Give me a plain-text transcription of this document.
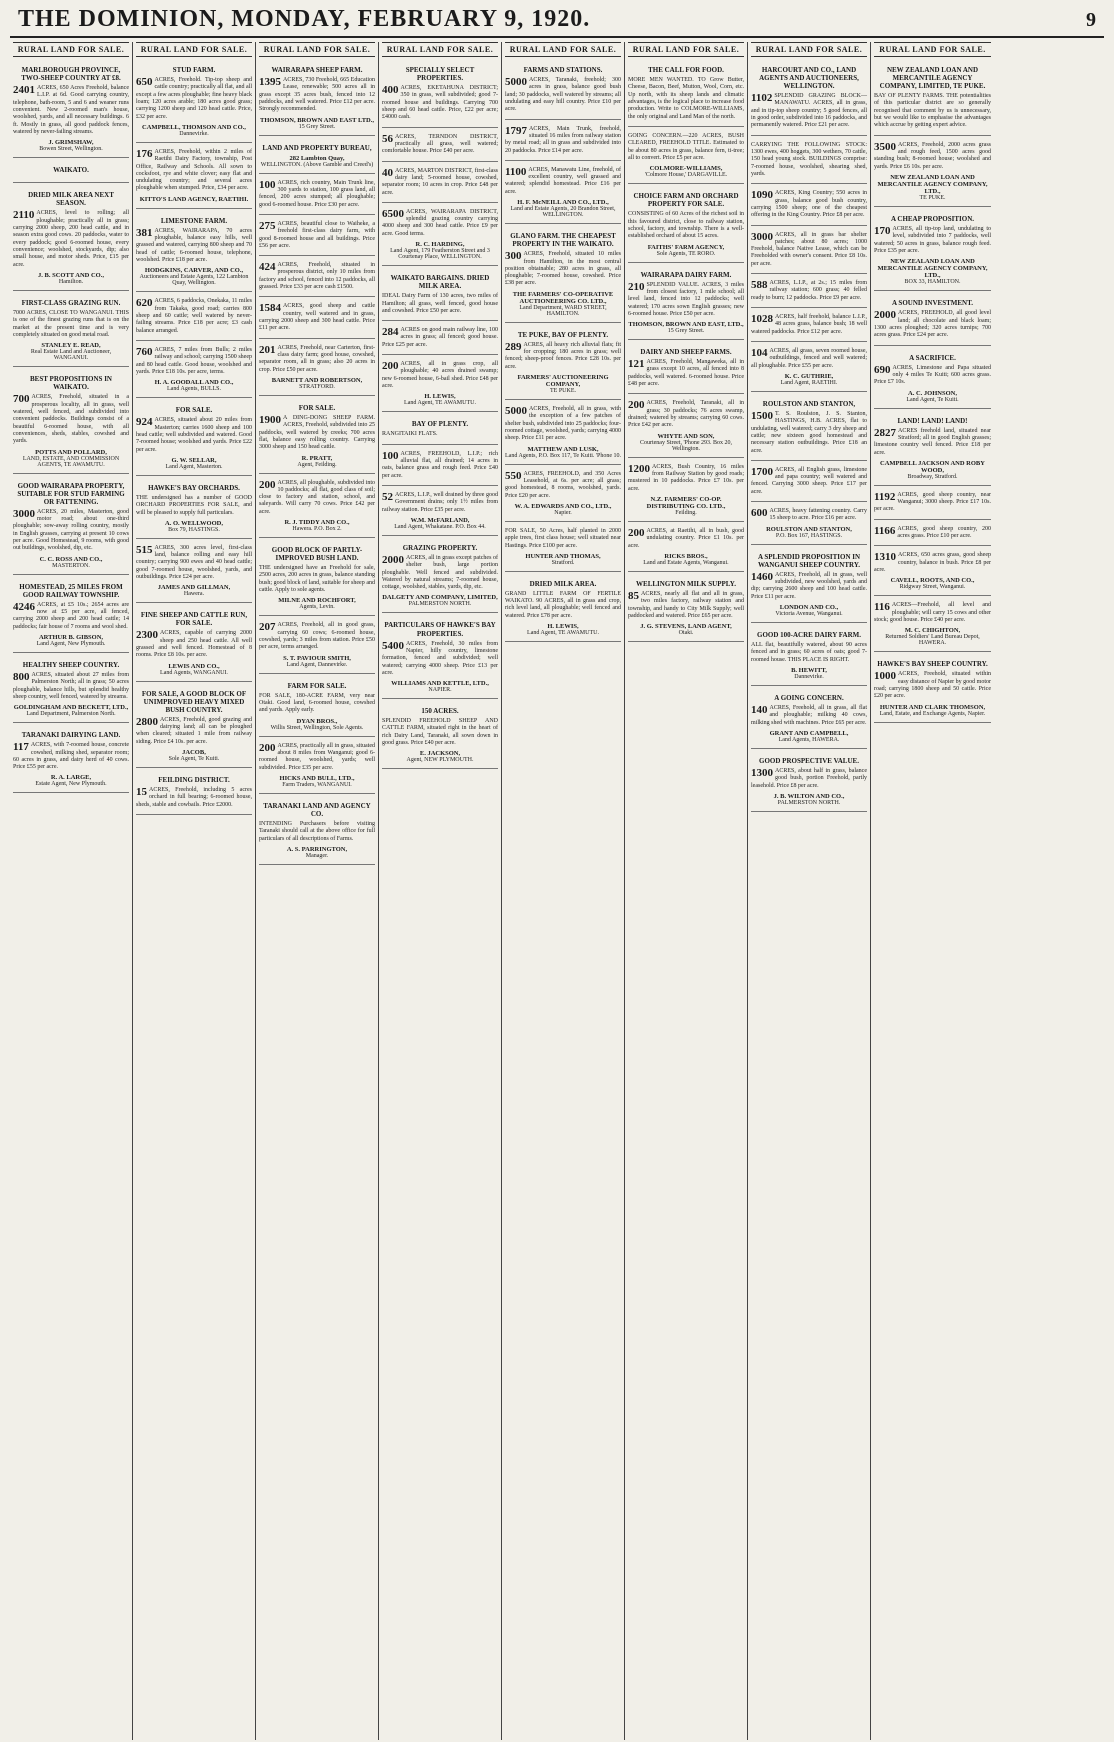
THE DOMINION, MONDAY, FEBRUARY 9, 1920.	9
RURAL LAND FOR SALE.
MARLBOROUGH PROVINCE, TWO-SHEEP COUNTRY AT £8.
2401 ACRES, 650 Acres Freehold, balance L.I.P. at 6d. Good carrying country, telephone, bath-room, 5 and 6 and weaner runs convenient. New 2-roomed man's house, woolshed, yards, and all necessary buildings. 6 ft. Mostly in grass, all good paddock fences, watered by never-failing streams.
J. GRIMSHAW,
Bowen Street, Wellington.
WAIKATO.
DRIED MILK AREA NEXT SEASON.
2110 ACRES, level to rolling; all ploughable; practically all in grass; carrying 2000 sheep, 200 head cattle, and in season extra good cows. 20 paddocks, water to every paddock; good 6-roomed house, every convenience; woolshed, stockyards, dip; also small house, and motor sheds. Price, £15 per acre.
J. B. SCOTT AND CO.,
Hamilton.
FIRST-CLASS GRAZING RUN.
7000 ACRES, CLOSE TO WANGANUI. THIS is one of the finest grazing runs that is on the market at the present time and is very completely situated on good metal road.
STANLEY E. READ,
Real Estate Land and Auctioneer, WANGANUI.
BEST PROPOSITIONS IN WAIKATO.
700 ACRES, Freehold, situated in a prosperous locality, all in grass, well watered, well fenced, and subdivided into convenient paddocks. Buildings consist of a beautiful 6-roomed house, with all conveniences, sheds, stables, cowshed and yards.
POTTS AND POLLARD,
LAND, ESTATE, AND COMMISSION AGENTS, TE AWAMUTU.
GOOD WAIRARAPA PROPERTY, SUITABLE FOR STUD FARMING OR FATTENING.
3000 ACRES, 20 miles, Masterton, good motor road; about one-third ploughable; sow-away rolling country, mostly in English grasses, carrying at present 10 cows per acre. Good Homestead, 9 rooms, with good out buildings, woolshed, dip, etc.
C. C. ROSS AND CO.,
MASTERTON.
HOMESTEAD, 25 MILES FROM GOOD RAILWAY TOWNSHIP.
4246 ACRES, at £5 10s.; 2654 acres are now at £5 per acre, all fenced, carrying 2000 sheep and 200 head cattle; 14 paddocks; fair house of 7 rooms and wool shed.
ARTHUR B. GIBSON,
Land Agent, New Plymouth.
HEALTHY SHEEP COUNTRY.
800 ACRES, situated about 27 miles from Palmerston North; all in grass; 50 acres ploughable, balance hills, but splendid healthy sheep country, well fenced, watered by streams.
GOLDINGHAM AND BECKETT, LTD.,
Land Department, Palmerston North.
TARANAKI DAIRYING LAND.
117 ACRES, with 7-roomed house, concrete cowshed, milking shed, separator room; 60 acres in grass, and dairy herd of 40 cows. Price £55 per acre.
R. A. LARGE,
Estate Agent, New Plymouth.
RURAL LAND FOR SALE.
STUD FARM.
650 ACRES, Freehold. Tip-top sheep and cattle country; practically all flat, and all except a few acres ploughable; fine heavy black loam; 120 acres arable; 180 acres good grass; carrying 1200 sheep and 120 head cattle. Price, £32 per acre.
CAMPBELL, THOMSON AND CO.,
Dannevirke.
176 ACRES, Freehold, within 2 miles of Raetihi Dairy Factory, township, Post Office, Railway and Schools. All sown to cocksfoot, rye and white clover; easy flat and undulating country; and several acres ploughable when stumped. Price, £34 per acre.
KITTO'S LAND AGENCY, RAETIHI.
LIMESTONE FARM.
381 ACRES, WAIRARAPA, 70 acres ploughable, balance easy hills, well grassed and watered, carrying 800 sheep and 70 head of cattle; 6-roomed house, telephone, woolshed. Price £18 per acre.
HODGKINS, CARVER, AND CO.,
Auctioneers and Estate Agents, 122 Lambton Quay, Wellington.
620 ACRES, 6 paddocks, Onekaka, 11 miles from Takaka, good road; carries 800 sheep and 60 cattle; well watered by never-failing streams. Price £18 per acre; £3 cash balance arranged.
760 ACRES, 7 miles from Bulls; 2 miles railway and school; carrying 1500 sheep and 80 head cattle. Good house, woolshed and yards. Price £18 10s. per acre, terms.
H. A. GOODALL AND CO.,
Land Agents, BULLS.
FOR SALE.
924 ACRES, situated about 20 miles from Masterton; carries 1600 sheep and 100 head cattle; well subdivided and watered. Good 7-roomed house; woolshed and yards. Price £22 per acre.
G. W. SELLAR,
Land Agent, Masterton.
HAWKE'S BAY ORCHARDS.
THE undersigned has a number of GOOD ORCHARD PROPERTIES FOR SALE, and will be pleased to supply full particulars.
A. O. WELLWOOD,
Box 79, HASTINGS.
515 ACRES, 300 acres level, first-class land, balance rolling and easy hill country; carrying 900 ewes and 40 head cattle; good 7-roomed house, woolshed, yards, and outbuildings. Price £24 per acre.
JAMES AND GILLMAN,
Hawera.
FINE SHEEP AND CATTLE RUN, FOR SALE.
2300 ACRES, capable of carrying 2000 sheep and 250 head cattle. All well grassed and well fenced. Homestead of 8 rooms. Price £8 10s. per acre.
LEWIS AND CO.,
Land Agents, WANGANUI.
FOR SALE, A GOOD BLOCK OF UNIMPROVED HEAVY MIXED BUSH COUNTRY.
2800 ACRES, Freehold, good grazing and dairying land; all can be ploughed when cleared; situated 1 mile from railway siding. Price £4 10s. per acre.
JACOB,
Sole Agent, Te Kuiti.
FEILDING DISTRICT.
15 ACRES, Freehold, including 5 acres orchard in full bearing; 6-roomed house, sheds, stable and cowbails. Price £2000.
RURAL LAND FOR SALE.
WAIRARAPA SHEEP FARM.
1395 ACRES, 730 Freehold, 665 Education Lease, renewable; 500 acres all in grass except 35 acres bush, fenced into 12 paddocks, and well watered. Price £12 per acre. Strongly recommended.
THOMSON, BROWN AND EAST LTD.,
15 Grey Street.
LAND AND PROPERTY BUREAU,
282 Lambton Quay,
WELLINGTON. (Above Gamble and Creed's)
100 ACRES, rich country, Main Trunk line, 300 yards to station, 100 grass land, all fenced, 200 acres stumped; all ploughable; good 6-roomed house. Price £30 per acre.
275 ACRES, beautiful close to Waiheke, a freehold first-class dairy farm, with good 8-roomed house and all buildings. Price £56 per acre.
424 ACRES, Freehold, situated in prosperous district, only 10 miles from factory and school, fenced into 12 paddocks, all grassed. Price £33 per acre cash £1500.
1584 ACRES, good sheep and cattle country, well watered and in grass, carrying 2000 sheep and 300 head cattle. Price £11 per acre.
201 ACRES, Freehold, near Carterton, first-class dairy farm; good house, cowshed, separator room, all in grass; also 20 acres in crop. Price £50 per acre.
BARNETT AND ROBERTSON,
STRATFORD.
FOR SALE.
1900 A DING-DONG SHEEP FARM. ACRES, Freehold, subdivided into 25 paddocks, well watered by creeks; 700 acres flat, balance easy rolling country. Carrying 3000 sheep and 150 head cattle.
R. PRATT,
Agent, Feilding.
200 ACRES, all ploughable, subdivided into 10 paddocks; all flat, good class of soil; close to factory and station, school, and saleyards. Will carry 70 cows. Price £42 per acre.
R. J. TIDDY AND CO.,
Hawera. P.O. Box 2.
GOOD BLOCK OF PARTLY-IMPROVED BUSH LAND.
THE undersigned have an Freehold for sale, 2500 acres, 200 acres in grass, balance standing bush; good block of land, suitable for sheep and cattle. Apply to sole agents.
MILNE AND ROCHFORT,
Agents, Levin.
207 ACRES, Freehold, all in good grass, carrying 60 cows; 6-roomed house, cowshed, yards; 3 miles from station. Price £50 per acre, terms arranged.
S. T. PAVIOUR SMITH,
Land Agent, Dannevirke.
FARM FOR SALE.
FOR SALE, 180-ACRE FARM, very near Otaki. Good land, 6-roomed house, cowshed and yards. Apply early.
DYAN BROS.,
Willis Street, Wellington, Sole Agents.
200 ACRES, practically all in grass, situated about 8 miles from Wanganui; good 6-roomed house, woolshed, yards; well subdivided. Price £35 per acre.
HICKS AND BULL, LTD.,
Farm Traders, WANGANUI.
TARANAKI LAND AND AGENCY CO.
INTENDING Purchasers before visiting Taranaki should call at the above office for full particulars of all descriptions of Farms.
A. S. PARRINGTON,
Manager.
RURAL LAND FOR SALE.
SPECIALLY SELECT PROPERTIES.
400 ACRES, EKETAHUNA DISTRICT; 350 in grass, well subdivided; good 7-roomed house and buildings. Carrying 700 sheep and 60 head cattle. Price, £22 per acre; £4000 cash.
56 ACRES, TERNDON DISTRICT, practically all grass, well watered; comfortable house. Price £40 per acre.
40 ACRES, MARTON DISTRICT, first-class dairy land; 5-roomed house, cowshed, separator room; 10 acres in crop. Price £48 per acre.
6500 ACRES, WAIRARAPA DISTRICT, splendid grazing country carrying 4000 sheep and 300 head cattle. Price £9 per acre. Good terms.
R. C. HARDING,
Land Agent, 179 Featherston Street and 3 Courtenay Place, WELLINGTON.
WAIKATO BARGAINS. DRIED MILK AREA.
IDEAL Dairy Farm of 130 acres, two miles of Hamilton; all grass, well fenced, good house and cowshed. Price £50 per acre.
284 ACRES on good main railway line, 100 acres in grass; all fenced; good house. Price £25 per acre.
200 ACRES, all in grass crop, all ploughable; 40 acres drained swamp; new 6-roomed house, 6-bail shed. Price £48 per acre.
H. LEWIS,
Land Agent, TE AWAMUTU.
BAY OF PLENTY.
RANGITAIKI FLATS.
100 ACRES, FREEHOLD, L.I.P.; rich alluvial flat, all drained; 14 acres in oats, balance grass and rough feed. Price £40 per acre.
52 ACRES, L.I.P., well drained by three good Government drains; only 1½ miles from railway station. Price £35 per acre.
W.M. McFARLAND,
Land Agent, Whakatane. P.O. Box 44.
GRAZING PROPERTY.
2000 ACRES, all in grass except patches of shelter bush, large portion ploughable. Well fenced and subdivided. Watered by natural streams; 7-roomed house, cottage, woolshed, stables, yards, dip, etc.
DALGETY AND COMPANY, LIMITED,
PALMERSTON NORTH.
PARTICULARS OF HAWKE'S BAY PROPERTIES.
5400 ACRES, Freehold, 30 miles from Napier, hilly country, limestone formation, fenced and subdivided; well watered; carrying 4000 sheep. Price £13 per acre.
WILLIAMS AND KETTLE, LTD.,
NAPIER.
150 ACRES.
SPLENDID FREEHOLD SHEEP AND CATTLE FARM, situated right in the heart of rich Dairy Land, Taranaki, all sown down in good grass. Price £40 per acre.
E. JACKSON,
Agent, NEW PLYMOUTH.
RURAL LAND FOR SALE.
FARMS AND STATIONS.
5000 ACRES, Taranaki, freehold; 300 acres in grass, balance good bush land; 30 paddocks, well watered by streams; all undulating and easy hill country. Price £10 per acre.
1797 ACRES, Main Trunk, freehold, situated 16 miles from railway station by metal road; all in grass and subdivided into 20 paddocks. Price £14 per acre.
1100 ACRES, Manawatu Line, freehold, of excellent country, well grassed and watered; splendid homestead. Price £16 per acre.
H. F. McNEILL AND CO., LTD.,
Land and Estate Agents, 20 Brandon Street, WELLINGTON.
GLANO FARM. THE CHEAPEST PROPERTY IN THE WAIKATO.
300 ACRES, Freehold, situated 10 miles from Hamilton, in the most central position obtainable; 280 acres in grass, all ploughable; 7-roomed house, cowshed. Price £38 per acre.
THE FARMERS' CO-OPERATIVE AUCTIONEERING CO. LTD.,
Land Department, WARD STREET, HAMILTON.
TE PUKE, BAY OF PLENTY.
289 ACRES, all heavy rich alluvial flats; fit for cropping; 180 acres in grass; well fenced; sheep-proof fences. Price £28 10s. per acre.
FARMERS' AUCTIONEERING COMPANY,
TE PUKE.
5000 ACRES, Freehold, all in grass, with the exception of a few patches of shelter bush, subdivided into 25 paddocks; four-roomed cottage, woolshed, yards; carrying 4000 sheep. Price £11 per acre.
MATTHEW AND LUSK,
Land Agents, P.O. Box 117, Te Kuiti. 'Phone 10.
550 ACRES, FREEHOLD, and 350 Acres Leasehold, at 6s. per acre; all grass; good homestead, 8 rooms, woolshed, yards. Price £20 per acre.
W. A. EDWARDS AND CO., LTD.,
Napier.
FOR SALE, 50 Acres, half planted in 2000 apple trees, first class house; well situated near Hastings. Price £100 per acre.
HUNTER AND THOMAS,
Stratford.
DRIED MILK AREA.
GRAND LITTLE FARM OF FERTILE WAIKATO. 90 ACRES, all in grass and crop, rich level land, all ploughable; well fenced and watered. Price £78 per acre.
H. LEWIS,
Land Agent, TE AWAMUTU.
RURAL LAND FOR SALE.
THE CALL FOR FOOD.
MORE MEN WANTED. TO Grow Butter, Cheese, Bacon, Beef, Mutton, Wool, Corn, etc. Up north, with its sheep lands and climatic advantages, is the logical place to increase food production. Write to COLMORE-WILLIAMS, the only original and Land Man of the north.
GOING CONCERN.—220 ACRES, BUSH CLEARED, FREEHOLD TITLE. Estimated to be about 80 acres in grass, balance fern, ti-tree; all to convert. Price £5 per acre.
COLMORE-WILLIAMS,
'Colmore House,' DARGAVILLE.
CHOICE FARM AND ORCHARD PROPERTY FOR SALE.
CONSISTING of 60 Acres of the richest soil in this favoured district, close to railway station, school, factory, and township. There is a well-established orchard of about 15 acres.
FAITHS' FARM AGENCY,
Sole Agents, TE RORO.
WAIRARAPA DAIRY FARM.
210 SPLENDID VALUE. ACRES, 3 miles from closest factory, 1 mile school; all level land, fenced into 12 paddocks; well watered; 170 acres sown English grasses; new 6-roomed house. Price £50 per acre.
THOMSON, BROWN AND EAST, LTD.,
15 Grey Street.
DAIRY AND SHEEP FARMS.
121 ACRES, Freehold, Mangaweka, all in grass except 10 acres, all fenced into 8 paddocks, well watered. 6-roomed house. Price £48 per acre.
200 ACRES, Freehold, Taranaki, all in grass; 30 paddocks; 76 acres swamp, drained; watered by streams; carrying 60 cows. Price £42 per acre.
WHYTE AND SON,
Courtenay Street, 'Phone 293. Box 20, Wellington.
1200 ACRES, Bush Country, 16 miles from Railway Station by good roads; mustered in 10 paddocks. Price £7 10s. per acre.
N.Z. FARMERS' CO-OP. DISTRIBUTING CO. LTD.,
Feilding.
200 ACRES, at Raetihi, all in bush, good undulating country. Price £1 10s. per acre.
RICKS BROS.,
Land and Estate Agents, Wanganui.
WELLINGTON MILK SUPPLY.
85 ACRES, nearly all flat and all in grass, two miles factory, railway station and township, and handy to City Milk Supply; well paddocked and watered. Price £65 per acre.
J. G. STEVENS, LAND AGENT,
Otaki.
RURAL LAND FOR SALE.
HARCOURT AND CO., LAND AGENTS AND AUCTIONEERS, WELLINGTON.
1102 SPLENDID GRAZING BLOCK—MANAWATU. ACRES, all in grass, and in tip-top sheep country; 5 good fences, all in good order, subdivided into 16 paddocks, and permanently watered. Price £21 per acre.
CARRYING THE FOLLOWING STOCK: 1300 ewes, 400 hoggets, 300 wethers, 70 cattle, 150 head young stock. BUILDINGS comprise: 7-roomed house, woolshed, shearing shed, yards.
1090 ACRES, King Country; 550 acres in grass, balance good bush country, carrying 1500 sheep; one of the cheapest offering in the King Country. Price £8 per acre.
3000 ACRES, all in grass bar shelter patches; about 80 acres; 1000 Freehold, balance Native Lease, which can be Freeholded with owner's consent. Price £8 10s. per acre.
588 ACRES, L.I.P., at 2s.; 15 miles from railway station; 600 grass; 40 felled ready to burn; 12 paddocks. Price £9 per acre.
1028 ACRES, half freehold, balance L.I.P., 48 acres grass, balance bush; 18 well watered paddocks. Price £12 per acre.
104 ACRES, all grass, seven roomed house, outbuildings, fenced and well watered; all ploughable. Price £55 per acre.
K. C. GUTHRIE,
Land Agent, RAETIHI.
ROULSTON AND STANTON,
1500 T. S. Roulston, J. S. Stanton, HASTINGS, H.B. ACRES, flat to undulating, well watered; carry 3 dry sheep and cattle; new sixteen good homestead and necessary station outbuildings. Price £18 an acre.
1700 ACRES, all English grass, limestone and papa country; well watered and fenced. Carrying 3000 sheep. Price £17 per acre.
600 ACRES, heavy fattening country. Carry 15 sheep to acre. Price £16 per acre.
ROULSTON AND STANTON,
P.O. Box 167, HASTINGS.
A SPLENDID PROPOSITION IN WANGANUI SHEEP COUNTRY.
1460 ACRES, Freehold, all in grass, well subdivided, new woolshed, yards and dip; carrying 2600 sheep and 100 head cattle. Price £11 per acre.
LONDON AND CO.,
Victoria Avenue, Wanganui.
GOOD 100-ACRE DAIRY FARM.
ALL flat, beautifully watered, about 90 acres fenced and in grass; 60 acres of oats; good 7-roomed house. THIS PLACE IS RIGHT.
B. HEWITT,
Dannevirke.
A GOING CONCERN.
140 ACRES, Freehold, all in grass, all flat and ploughable; milking 40 cows, milking shed with machines. Price £65 per acre.
GRANT AND CAMPBELL,
Land Agents, HAWERA.
GOOD PROSPECTIVE VALUE.
1300 ACRES, about half in grass, balance good bush, portion Freehold, partly leasehold. Price £8 per acre.
J. B. WILTON AND CO.,
PALMERSTON NORTH.
RURAL LAND FOR SALE.
NEW ZEALAND LOAN AND MERCANTILE AGENCY COMPANY, LIMITED, TE PUKE.
BAY OF PLENTY FARMS. THE potentialities of this particular district are so generally recognised that comment by us is unnecessary, but we would like to emphasise the advantages which accrue by getting expert advice.
3500 ACRES, Freehold, 2000 acres grass and rough feed, 1500 acres good standing bush; 8-roomed house; woolshed and yards. Price £6 10s. per acre.
NEW ZEALAND LOAN AND MERCANTILE AGENCY COMPANY, LTD.,
TE PUKE.
A CHEAP PROPOSITION.
170 ACRES, all tip-top land, undulating to level, subdivided into 7 paddocks, well watered; 50 acres in grass, balance rough feed. Price £35 per acre.
NEW ZEALAND LOAN AND MERCANTILE AGENCY COMPANY, LTD.,
BOX 33, HAMILTON.
A SOUND INVESTMENT.
2000 ACRES, FREEHOLD, all good level land; all chocolate and black loam; 1300 acres ploughed; 320 acres turnips; 700 acres grass. Price £24 per acre.
A SACRIFICE.
690 ACRES, Limestone and Papa situated only 4 miles Te Kuiti; 600 acres grass. Price £7 10s.
A. C. JOHNSON,
Land Agent, Te Kuiti.
LAND! LAND! LAND!
2827 ACRES freehold land, situated near Stratford; all in good English grasses; limestone country well fenced. Price £18 per acre.
CAMPBELL JACKSON AND ROBY WOOD,
Broadway, Stratford.
1192 ACRES, good sheep country, near Wanganui; 3000 sheep. Price £17 10s. per acre.
1166 ACRES, good sheep country, 200 acres grass. Price £10 per acre.
1310 ACRES, 650 acres grass, good sheep country, balance in bush. Price £8 per acre.
CAVELL, ROOTS, AND CO.,
Ridgway Street, Wanganui.
116 ACRES—Freehold, all level and ploughable; will carry 15 cows and other stock; good house. Price £40 per acre.
M. C. CHIGHTON,
Returned Soldiers' Land Bureau Depot, HAWERA.
HAWKE'S BAY SHEEP COUNTRY.
1000 ACRES, Freehold, situated within easy distance of Napier by good motor road; carrying 1800 sheep and 50 cattle. Price £20 per acre.
HUNTER AND CLARK THOMSON,
Land, Estate, and Exchange Agents, Napier.
